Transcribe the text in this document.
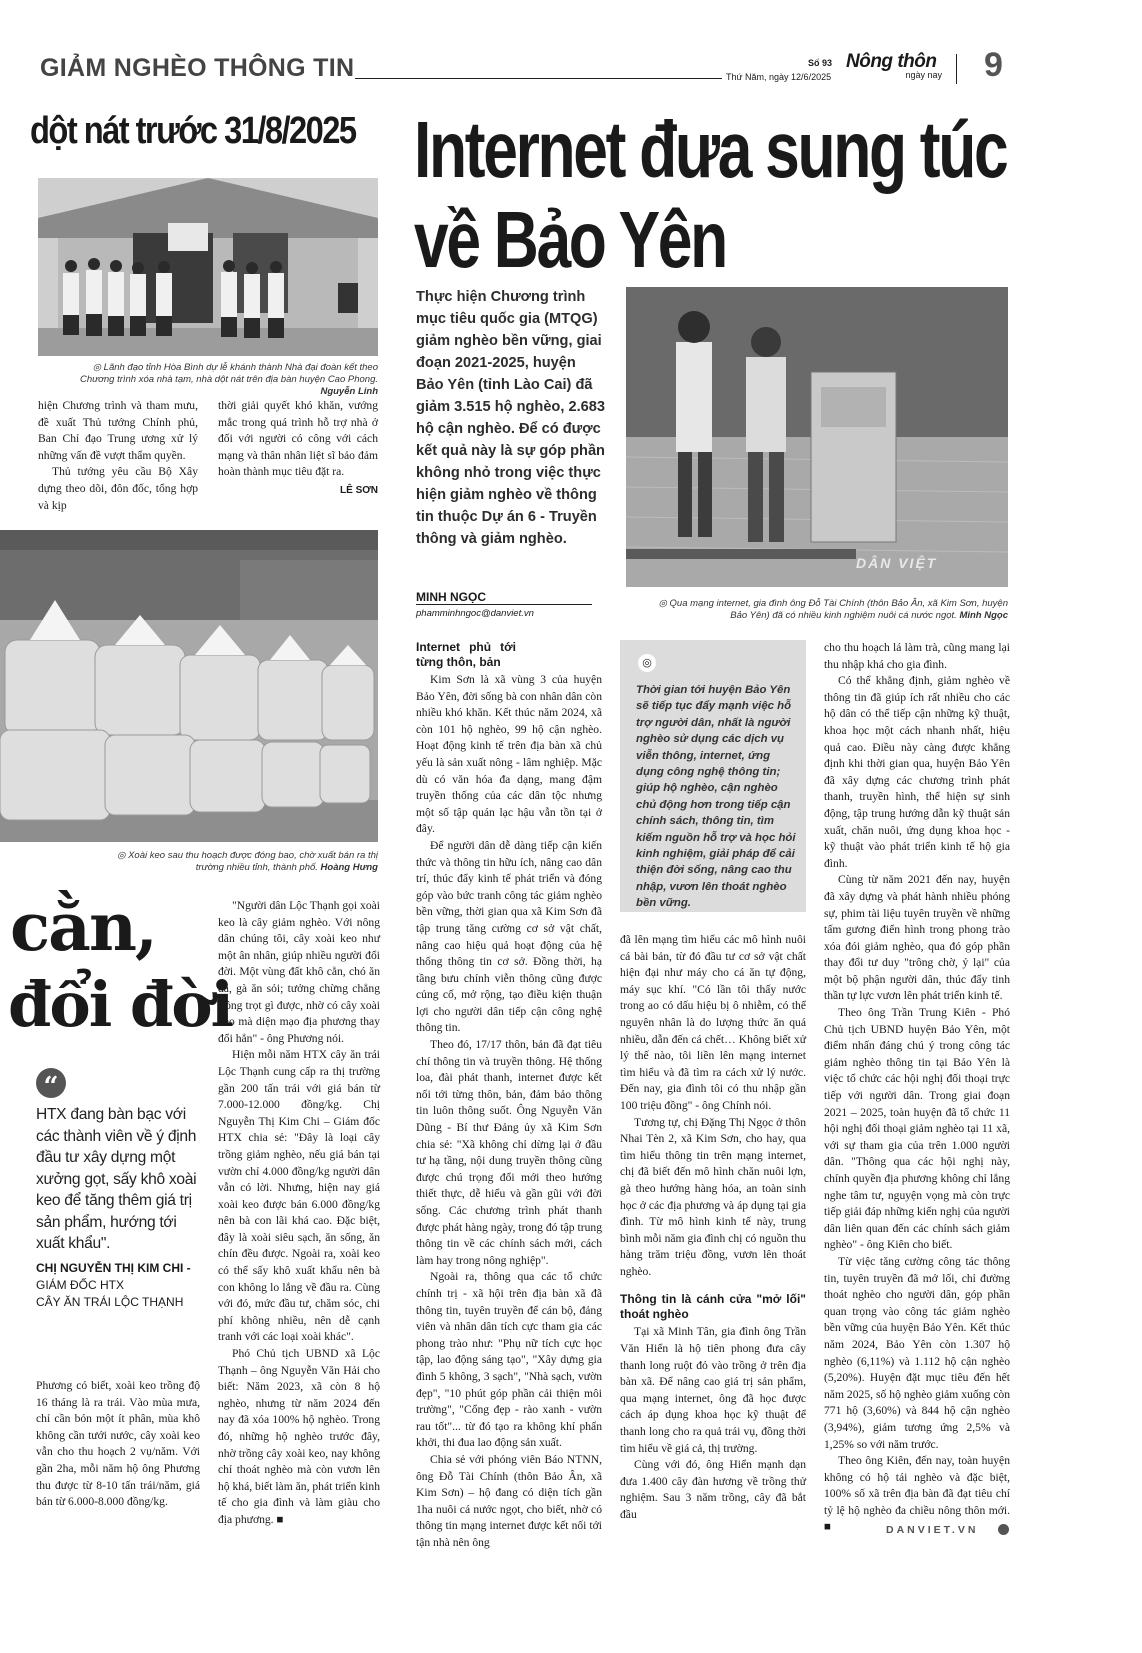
GIẢM NGHÈO THÔNG TIN	Số 93
Thứ Năm, ngày 12/6/2025
Nông thôn
ngày nay 9
dột nát trước 31/8/2025
◎ Lãnh đạo tỉnh Hòa Bình dự lễ khánh thành Nhà đại đoàn kết theo Chương trình xóa nhà tạm, nhà dột nát trên địa bàn huyện Cao Phong. Nguyễn Linh

hiện Chương trình và tham mưu, đề xuất Thủ tướng Chính phủ, Ban Chỉ đạo Trung ương xử lý những vấn đề vượt thẩm quyền.

Thủ tướng yêu cầu Bộ Xây dựng theo dõi, đôn đốc, tổng hợp và kịp

thời giải quyết khó khăn, vướng mắc trong quá trình hỗ trợ nhà ở đối với người có công với cách mạng và thân nhân liệt sĩ bảo đảm hoàn thành mục tiêu đặt ra.

LÊ SƠN
◎ Xoài keo sau thu hoạch được đóng bao, chờ xuất bán ra thị trường nhiều tỉnh, thành phố. Hoàng Hưng
cằn,
đổi đời
“
HTX đang bàn bạc với các thành viên về ý định đầu tư xây dựng một xưởng gọt, sấy khô xoài keo để tăng thêm giá trị sản phẩm, hướng tới xuất khẩu".
CHỊ NGUYỄN THỊ KIM CHI -
GIÁM ĐỐC HTX
CÂY ĂN TRÁI LỘC THẠNH

Phương có biết, xoài keo trồng độ 16 tháng là ra trái. Vào mùa mưa, chỉ cần bón một ít phân, mùa khô không cần tưới nước, cây xoài keo vẫn cho thu hoạch 2 vụ/năm. Với gần 2ha, mỗi năm hộ ông Phương thu được từ 8-10 tấn trái/năm, giá bán từ 6.000-8.000 đồng/kg.

"Người dân Lộc Thạnh gọi xoài keo là cây giảm nghèo. Với nông dân chúng tôi, cây xoài keo như một ân nhân, giúp nhiều người đổi đời. Một vùng đất khô cằn, chó ăn đá, gà ăn sỏi; tưởng chừng chẳng trồng trọt gì được, nhờ có cây xoài keo mà diện mạo địa phương thay đổi hẳn" - ông Phương nói.

Hiện mỗi năm HTX cây ăn trái Lộc Thạnh cung cấp ra thị trường gần 200 tấn trái với giá bán từ 7.000-12.000 đồng/kg. Chị Nguyễn Thị Kim Chi – Giám đốc HTX chia sẻ: "Đây là loại cây trồng giảm nghèo, nếu giá bán tại vườn chỉ 4.000 đồng/kg người dân vẫn có lời. Nhưng, hiện nay giá xoài keo được bán 6.000 đồng/kg nên bà con lãi khá cao. Đặc biệt, đây là xoài siêu sạch, ăn sống, ăn chín đều được. Ngoài ra, xoài keo có thể sấy khô xuất khẩu nên bà con không lo lắng về đầu ra. Cùng với đó, mức đầu tư, chăm sóc, chi phí không nhiều, nên dễ cạnh tranh với các loại xoài khác".

Phó Chủ tịch UBND xã Lộc Thạnh – ông Nguyễn Văn Hải cho biết: Năm 2023, xã còn 8 hộ nghèo, nhưng từ năm 2024 đến nay đã xóa 100% hộ nghèo. Trong đó, những hộ nghèo trước đây, nhờ trồng cây xoài keo, nay không chỉ thoát nghèo mà còn vươn lên hộ khá, biết làm ăn, phát triển kinh tế cho gia đình và làm giàu cho địa phương. ■

Internet đưa sung túc
về Bảo Yên
Thực hiện Chương trình mục tiêu quốc gia (MTQG) giảm nghèo bền vững, giai đoạn 2021-2025, huyện Bảo Yên (tỉnh Lào Cai) đã giảm 3.515 hộ nghèo, 2.683 hộ cận nghèo. Để có được kết quả này là sự góp phần không nhỏ trong việc thực hiện giảm nghèo về thông tin thuộc Dự án 6 - Truyền thông và giảm nghèo.
MINH NGỌC
phamminhngoc@danviet.vn
DÂN VIỆT
◎ Qua mạng internet, gia đình ông Đỗ Tài Chính (thôn Bảo Ân, xã Kim Sơn, huyện Bảo Yên) đã có nhiều kinh nghiệm nuôi cá nước ngọt. Minh Ngọc
Internet phủ tới từng thôn, bản

Kim Sơn là xã vùng 3 của huyện Bảo Yên, đời sống bà con nhân dân còn nhiều khó khăn. Kết thúc năm 2024, xã còn 101 hộ nghèo, 99 hộ cận nghèo. Hoạt động kinh tế trên địa bàn xã chủ yếu là sản xuất nông - lâm nghiệp. Mặc dù có văn hóa đa dạng, mang đậm truyền thống của các dân tộc nhưng một số tập quán lạc hậu vẫn tồn tại ở đây.

Để người dân dễ dàng tiếp cận kiến thức và thông tin hữu ích, nâng cao dân trí, thúc đẩy kinh tế phát triển và đóng góp vào bức tranh công tác giảm nghèo bền vững, thời gian qua xã Kim Sơn đã tập trung tăng cường cơ sở vật chất, nâng cao hiệu quả hoạt động của hệ thống thông tin cơ sở. Đồng thời, hạ tầng bưu chính viễn thông cũng được củng cố, mở rộng, tạo điều kiện thuận lợi cho người dân tiếp cận công nghệ thông tin.

Theo đó, 17/17 thôn, bản đã đạt tiêu chí thông tin và truyền thông. Hệ thống loa, đài phát thanh, internet được kết nối tới từng thôn, bản, đảm bảo thông tin luôn thông suốt. Ông Nguyễn Văn Dũng - Bí thư Đảng ủy xã Kim Sơn chia sẻ: "Xã không chỉ dừng lại ở đầu tư hạ tầng, nội dung truyền thông cũng được chú trọng đổi mới theo hướng thiết thực, dễ hiểu và gần gũi với đời sống. Các chương trình phát thanh được phát hàng ngày, trong đó tập trung thông tin về các chính sách mới, cách làm hay trong nông nghiệp".

Ngoài ra, thông qua các tổ chức chính trị - xã hội trên địa bàn xã đã thông tin, tuyên truyền để cán bộ, đảng viên và nhân dân tích cực tham gia các phong trào như: "Phụ nữ tích cực học tập, lao động sáng tạo", "Xây dựng gia đình 5 không, 3 sạch", "Nhà sạch, vườn đẹp", "10 phút góp phần cải thiện môi trường", "Cổng đẹp - rào xanh - vườn rau tốt"... từ đó tạo ra không khí phấn khởi, thi đua lao động sản xuất.

Chia sẻ với phóng viên Báo NTNN, ông Đỗ Tài Chính (thôn Bảo Ân, xã Kim Sơn) – hộ đang có diện tích gần 1ha nuôi cá nước ngọt, cho biết, nhờ có thông tin mạng internet được kết nối tới tận nhà nên ông

◎
Thời gian tới huyện Bảo Yên sẽ tiếp tục đẩy mạnh việc hỗ trợ người dân, nhất là người nghèo sử dụng các dịch vụ viễn thông, internet, ứng dụng công nghệ thông tin; giúp hộ nghèo, cận nghèo chủ động hơn trong tiếp cận chính sách, thông tin, tìm kiếm nguồn hỗ trợ và học hỏi kinh nghiệm, giải pháp để cải thiện đời sống, nâng cao thu nhập, vươn lên thoát nghèo bền vững.

đã lên mạng tìm hiểu các mô hình nuôi cá bài bản, từ đó đầu tư cơ sở vật chất hiện đại như máy cho cá ăn tự động, máy sục khí. "Có lần tôi thấy nước trong ao có dấu hiệu bị ô nhiễm, có thể nguyên nhân là do lượng thức ăn quá nhiều, dẫn đến cá chết… Không biết xử lý thế nào, tôi liền lên mạng internet tìm hiểu và đã tìm ra cách xử lý nước. Đến nay, gia đình tôi có thu nhập gần 100 triệu đồng" - ông Chính nói.

Tương tự, chị Đặng Thị Ngọc ở thôn Nhai Tèn 2, xã Kim Sơn, cho hay, qua tìm hiểu thông tin trên mạng internet, chị đã biết đến mô hình chăn nuôi lợn, gà theo hướng hàng hóa, an toàn sinh học ở các địa phương và áp dụng tại gia đình. Từ mô hình kinh tế này, trung bình mỗi năm gia đình chị có nguồn thu hàng trăm triệu đồng, vươn lên thoát nghèo.

Thông tin là cánh cửa "mở lối" thoát nghèo

Tại xã Minh Tân, gia đình ông Trần Văn Hiển là hộ tiên phong đưa cây thanh long ruột đỏ vào trồng ở trên địa bàn xã. Để nâng cao giá trị sản phẩm, qua mạng internet, ông đã học được cách áp dụng khoa học kỹ thuật để thanh long cho ra quả trái vụ, đồng thời tìm hiểu về giá cả, thị trường.

Cùng với đó, ông Hiển mạnh dạn đưa 1.400 cây đàn hương về trồng thử nghiệm. Sau 3 năm trồng, cây đã bắt đầu

cho thu hoạch lá làm trà, cũng mang lại thu nhập khá cho gia đình.

Có thể khẳng định, giảm nghèo về thông tin đã giúp ích rất nhiều cho các hộ dân có thể tiếp cận những kỹ thuật, khoa học một cách nhanh nhất, hiệu quả cao. Điều này càng được khẳng định khi thời gian qua, huyện Bảo Yên đã xây dựng các chương trình phát thanh, truyền hình, thể hiện sự sinh động, tập trung hướng dẫn kỹ thuật sản xuất, chăn nuôi, ứng dụng khoa học - kỹ thuật vào phát triển kinh tế hộ gia đình.

Cùng từ năm 2021 đến nay, huyện đã xây dựng và phát hành nhiều phóng sự, phim tài liệu tuyên truyền về những tấm gương điển hình trong phong trào xóa đói giảm nghèo, qua đó góp phần thay đổi tư duy "trông chờ, ỷ lại" của một bộ phận người dân, thúc đẩy tinh thần tự lực vươn lên phát triển kinh tế.

Theo ông Trần Trung Kiên - Phó Chủ tịch UBND huyện Bảo Yên, một điểm nhấn đáng chú ý trong công tác giảm nghèo thông tin tại Bảo Yên là việc tổ chức các hội nghị đối thoại trực tiếp với người dân. Trong giai đoạn 2021 – 2025, toàn huyện đã tổ chức 11 hội nghị đối thoại giảm nghèo tại 11 xã, với sự tham gia của trên 1.000 người dân. "Thông qua các hội nghị này, chính quyền địa phương không chỉ lắng nghe tâm tư, nguyện vọng mà còn trực tiếp giải đáp những kiến nghị của người dân liên quan đến các chính sách giảm nghèo" - ông Kiên cho biết.

Từ việc tăng cường công tác thông tin, tuyên truyền đã mở lối, chỉ đường thoát nghèo cho người dân, góp phần quan trọng vào công tác giảm nghèo bền vững của huyện Bảo Yên. Kết thúc năm 2024, Bảo Yên còn 1.307 hộ nghèo (6,11%) và 1.112 hộ cận nghèo (5,20%). Huyện đặt mục tiêu đến hết năm 2025, số hộ nghèo giảm xuống còn 771 hộ (3,60%) và 844 hộ cận nghèo (3,94%), giảm tương ứng 2,5% và 1,25% so với năm trước.

Theo ông Kiên, đến nay, toàn huyện không có hộ tái nghèo và đặc biệt, 100% số xã trên địa bàn đã đạt tiêu chí tỷ lệ hộ nghèo đa chiều nông thôn mới. ■	DANVIET.VN
